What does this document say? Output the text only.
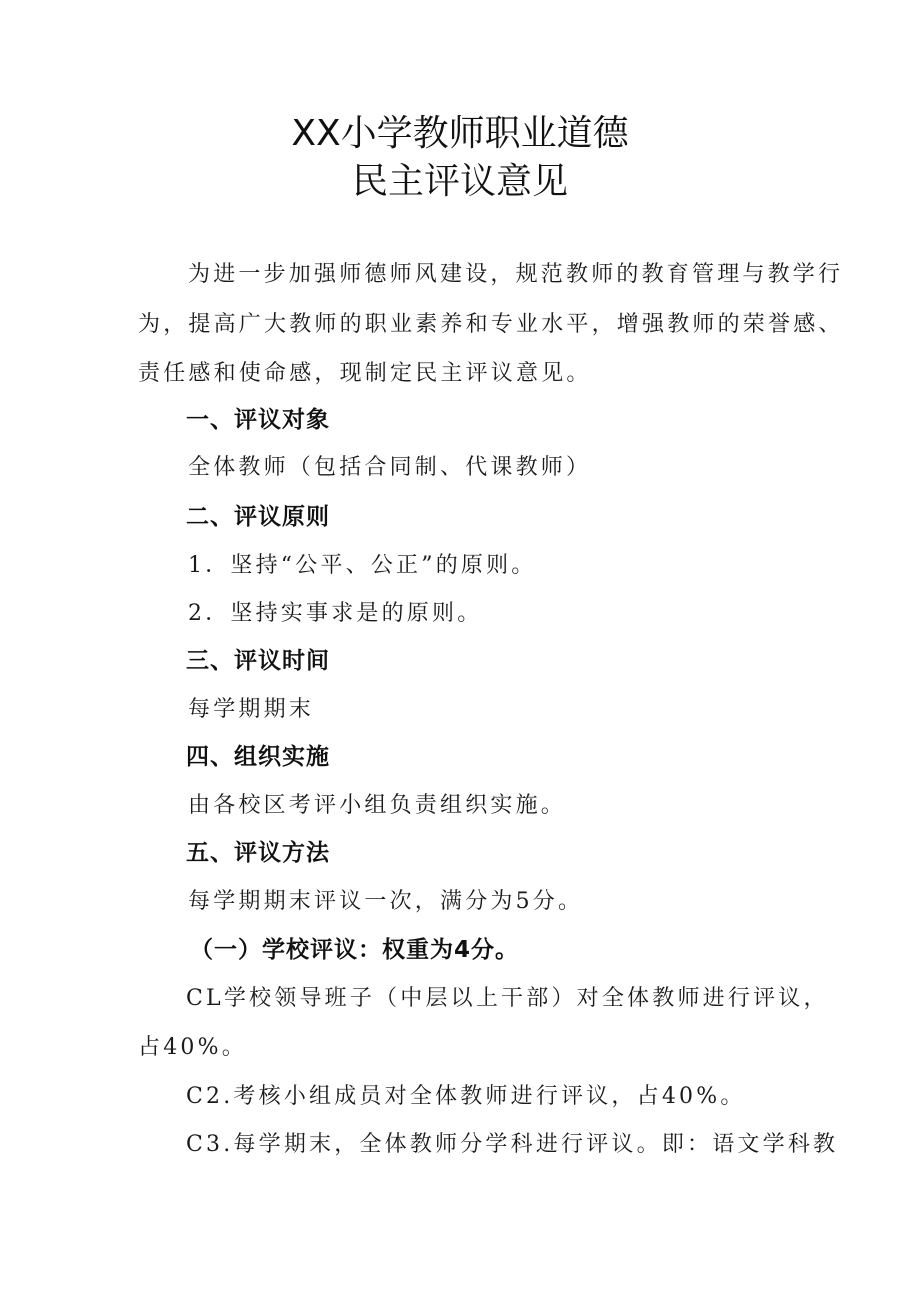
XX小学教师职业道德
民主评议意见
为进一步加强师德师风建设，规范教师的教育管理与教学行
为，提高广大教师的职业素养和专业水平，增强教师的荣誉感、
责任感和使命感，现制定民主评议意见。
一、评议对象
全体教师（包括合同制、代课教师）
二、评议原则
1．坚持“公平、公正”的原则。
2．坚持实事求是的原则。
三、评议时间
每学期期末
四、组织实施
由各校区考评小组负责组织实施。
五、评议方法
每学期期末评议一次，满分为5分。
（一）学校评议：权重为4分。
CL学校领导班子（中层以上干部）对全体教师进行评议，
占40%。
C2.考核小组成员对全体教师进行评议，占40%。
C3.每学期末，全体教师分学科进行评议。即：语文学科教
